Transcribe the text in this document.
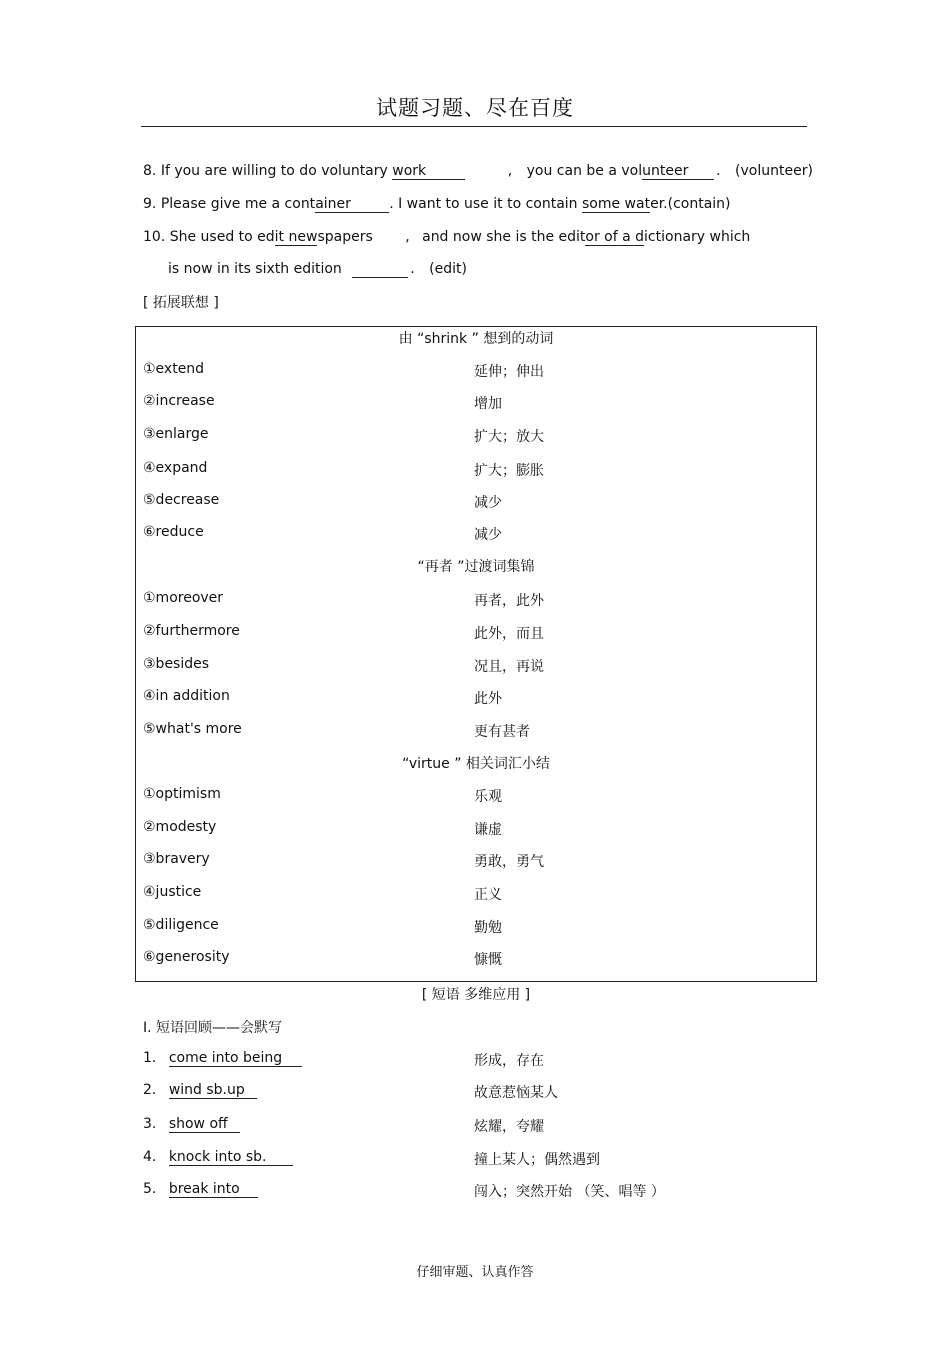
试题习题、尽在百度
8. If you are willing to do voluntary work	, you can be a volunteer . (volunteer)
9. Please give me a container	. I want to use it to contain some water.(contain)
10. She used to edit newspapers , and now she is the editor of a dictionary which
is now in its sixth edition	. (edit)
[ 拓展联想 ]
由 “shrink ” 想到的动词
①extend	延伸；伸出
②increase	增加
③enlarge	扩大；放大
④expand	扩大；膨胀
⑤decrease	减少
⑥reduce	减少
“再者 ”过渡词集锦
①moreover	再者，此外
②furthermore	此外，而且
③besides	况且，再说
④in addition	此外
⑤what's more	更有甚者
“virtue ” 相关词汇小结
①optimism	乐观
②modesty	谦虚
③bravery	勇敢，勇气
④justice	正义
⑤diligence	勤勉
⑥generosity	慷慨
[ 短语 多维应用 ]
Ⅰ. 短语回顾——会默写
1. come into being	形成，存在
2. wind sb.up	故意惹恼某人
3. show off	炫耀，夸耀
4. knock into sb.	撞上某人；偶然遇到
5. break into	闯入；突然开始 （笑、唱等 ）
仔细审题、认真作答
